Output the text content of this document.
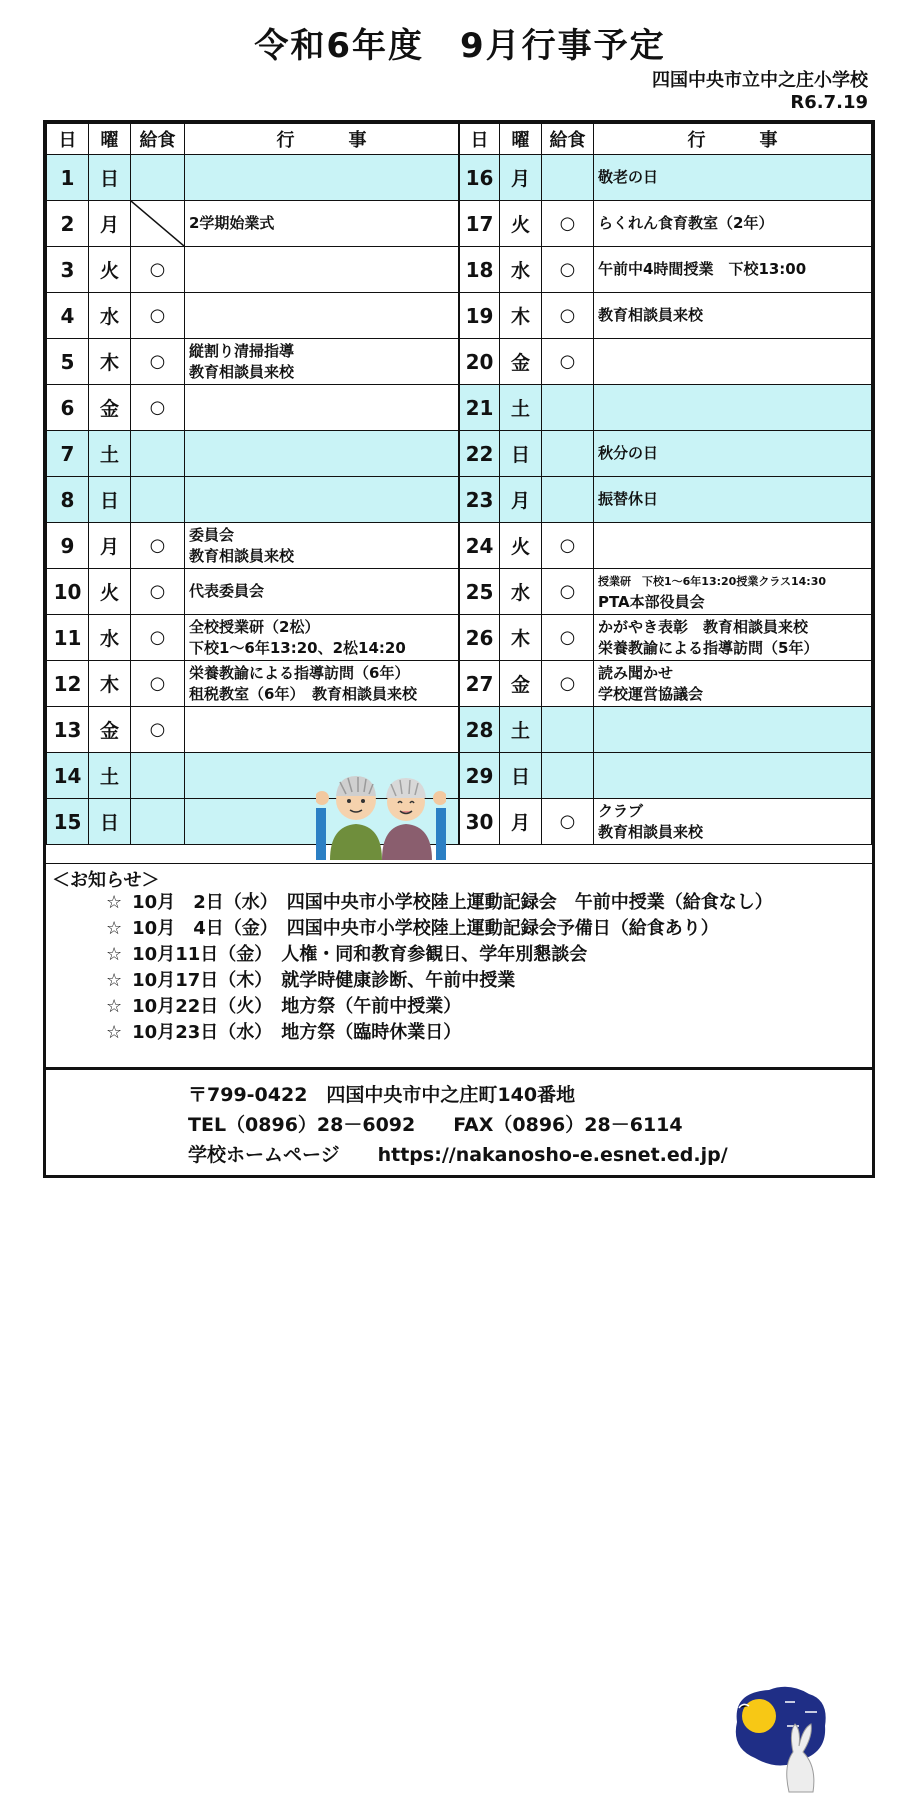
令和6年度　9月行事予定
四国中央市立中之庄小学校
R6.7.19
日	曜	給食	行　　　事
1	日		
2	月		2学期始業式

3	火	○	
4	水	○	
5	木	○	縦割り清掃指導
教育相談員来校

6	金	○	
7	土		
8	日		
9	月	○	委員会
教育相談員来校

10	火	○	代表委員会

11	水	○	全校授業研（2松）
下校1～6年13:20、2松14:20

12	木	○	栄養教諭による指導訪問（6年）
租税教室（6年）　教育相談員来校

13	金	○	
14	土		
15	日		
日	曜	給食	行　　　事
16	月		敬老の日

17	火	○	らくれん食育教室（2年）

18	水	○	午前中4時間授業　下校13:00

19	木	○	教育相談員来校

20	金	○	
21	土		
22	日		秋分の日

23	月		振替休日

24	火	○	
25	水	○	授業研　下校1～6年13:20授業クラス14:30
PTA本部役員会

26	木	○	かがやき表彰　教育相談員来校
栄養教諭による指導訪問（5年）

27	金	○	読み聞かせ
学校運営協議会

28	土		
29	日		
30	月	○	クラブ
教育相談員来校
＜お知らせ＞
☆ 10月　2日（水）　四国中央市小学校陸上運動記録会　午前中授業（給食なし）
☆ 10月　4日（金）　四国中央市小学校陸上運動記録会予備日（給食あり）
☆ 10月11日（金）　人権・同和教育参観日、学年別懇談会
☆ 10月17日（木）　就学時健康診断、午前中授業
☆ 10月22日（火）　地方祭（午前中授業）
☆ 10月23日（水）　地方祭（臨時休業日）
〒799-0422　四国中央市中之庄町140番地
TEL（0896）28－6092　　FAX（0896）28－6114
学校ホームページ　　https://nakanosho-e.esnet.ed.jp/
